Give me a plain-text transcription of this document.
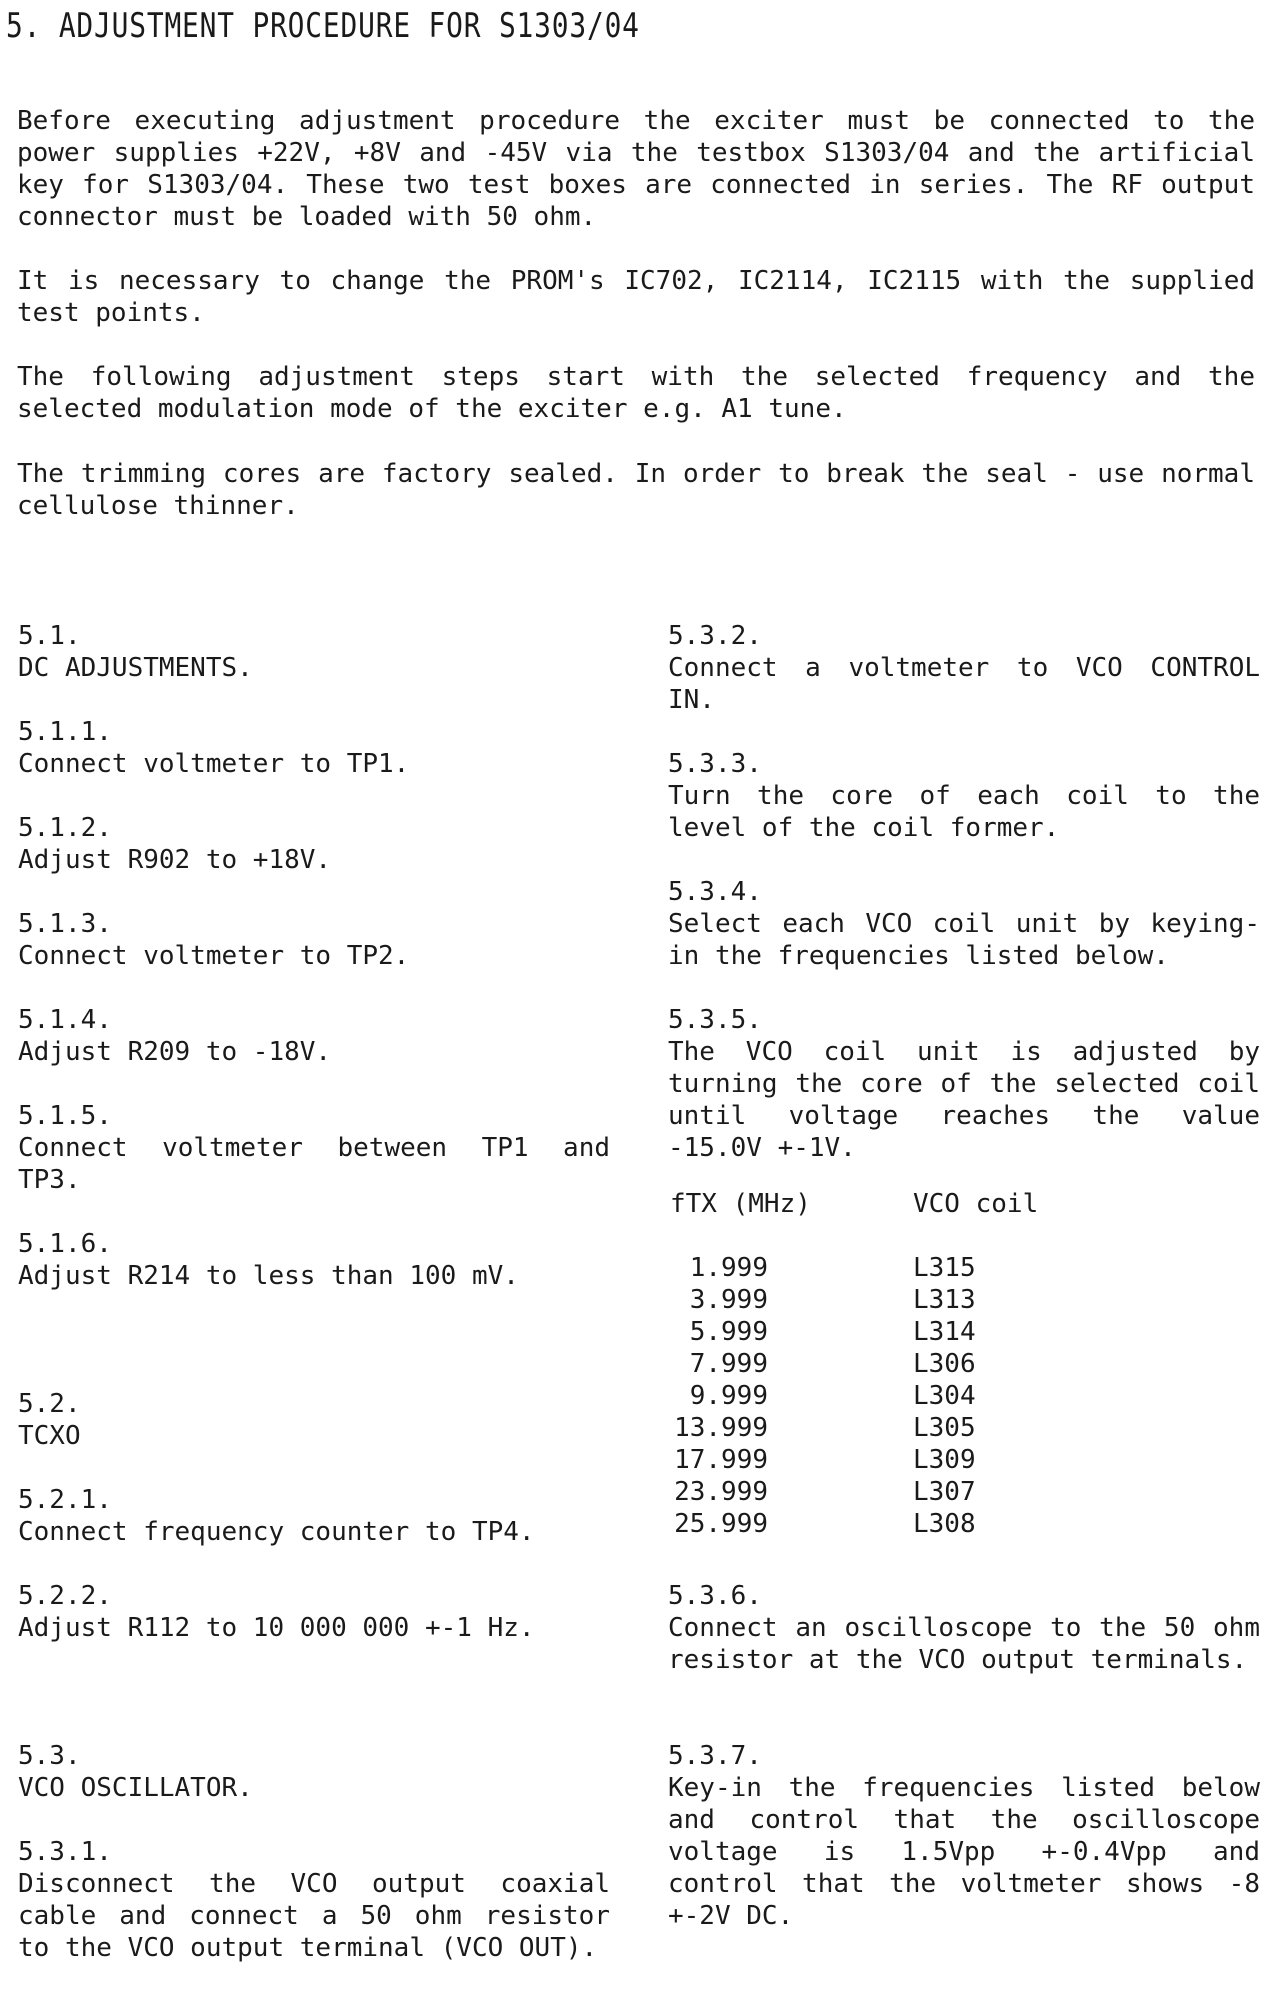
5. ADJUSTMENT PROCEDURE FOR S1303/04

Before executing adjustment procedure the exciter must be connected to the power supplies +22V, +8V and -45V via the testbox S1303/04 and the artificial key for S1303/04. These two test boxes are connected in series. The RF output connector must be loaded with 50 ohm.

It is necessary to change the PROM's IC702, IC2114, IC2115 with the supplied test points.

The following adjustment steps start with the selected frequency and the selected modulation mode of the exciter e.g. A1 tune.

The trimming cores are factory sealed. In order to break the seal - use normal cellulose thinner.

5.1.
DC ADJUSTMENTS.
5.1.1.
Connect voltmeter to TP1.
5.1.2.
Adjust R902 to +18V.
5.1.3.
Connect voltmeter to TP2.
5.1.4.
Adjust R209 to -18V.
5.1.5.
Connect voltmeter between TP1 and TP3.
5.1.6.
Adjust R214 to less than 100 mV.
5.2.
TCXO
5.2.1.
Connect frequency counter to TP4.
5.2.2.
Adjust R112 to 10 000 000 +-1 Hz.
5.3.
VCO OSCILLATOR.
5.3.1.
Disconnect the VCO output coaxial cable and connect a 50 ohm resistor to the VCO output terminal (VCO OUT).
5.3.2.
Connect a voltmeter to VCO CONTROL IN.
5.3.3.
Turn the core of each coil to the level of the coil former.
5.3.4.
Select each VCO coil unit by keying-in the frequencies listed below.
5.3.5.
The VCO coil unit is adjusted by turning the core of the selected coil until voltage reaches the value -15.0V +-1V.
fTX (MHz)	VCO coil
1.999	L315
3.999	L313
5.999	L314
7.999	L306
9.999	L304
13.999	L305
17.999	L309
23.999	L307
25.999	L308
5.3.6.
Connect an oscilloscope to the 50 ohm resistor at the VCO output terminals.
5.3.7.
Key-in the frequencies listed below and control that the oscilloscope voltage is 1.5Vpp +-0.4Vpp and control that the voltmeter shows -8 +-2V DC.
